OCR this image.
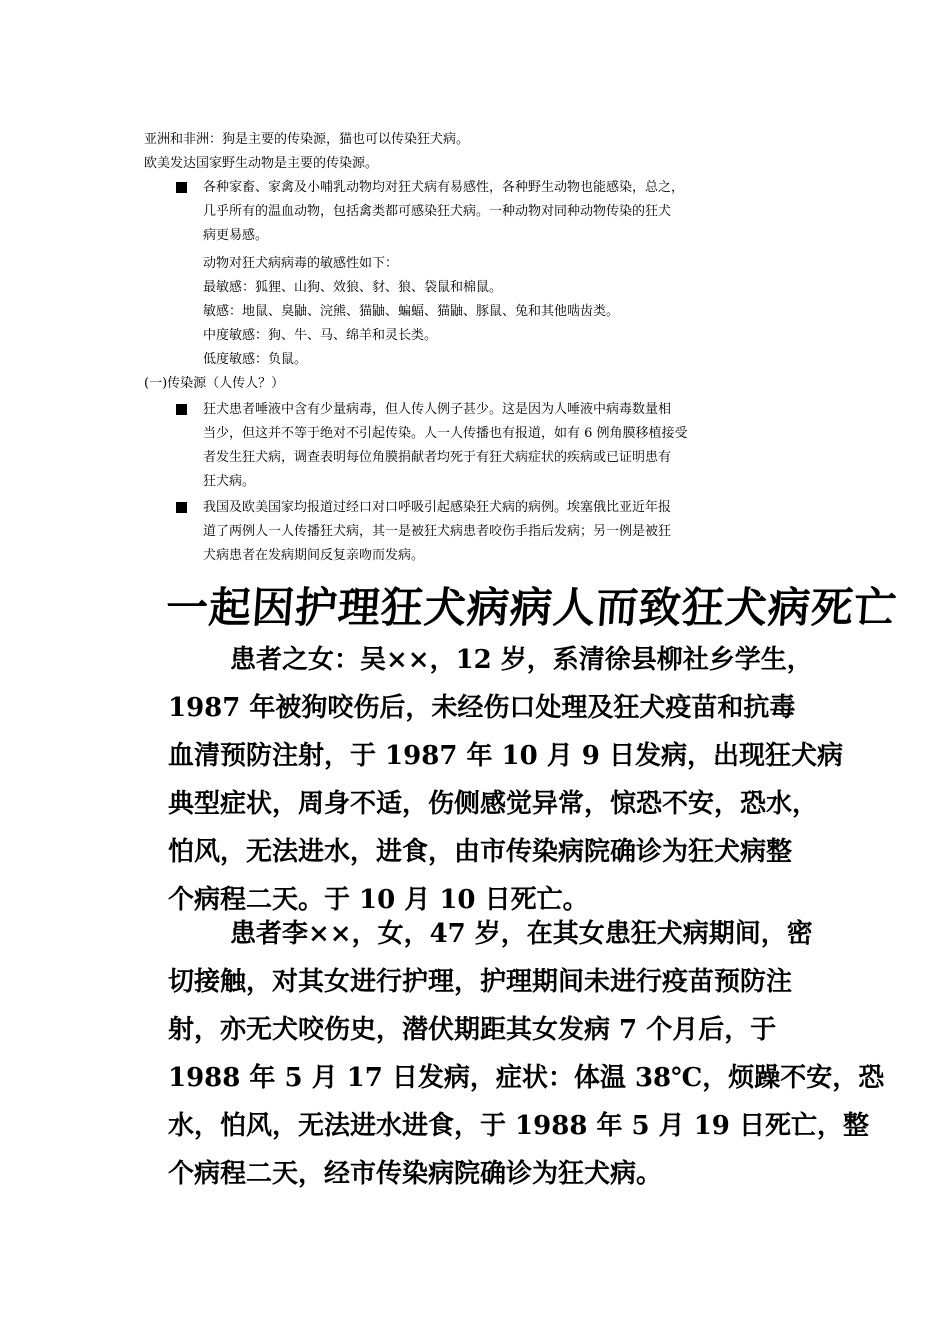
亚洲和非洲：狗是主要的传染源，猫也可以传染狂犬病。
欧美发达国家野生动物是主要的传染源。
各种家畜、家禽及小哺乳动物均对狂犬病有易感性，各种野生动物也能感染，总之，
几乎所有的温血动物，包括禽类都可感染狂犬病。一种动物对同种动物传染的狂犬
病更易感。
动物对狂犬病病毒的敏感性如下：
最敏感：狐狸、山狗、效狼、豺、狼、袋鼠和棉鼠。
敏感：地鼠、臭鼬、浣熊、猫鼬、蝙蝠、猫鼬、豚鼠、兔和其他啮齿类。
中度敏感：狗、牛、马、绵羊和灵长类。
低度敏感：负鼠。
(一)传染源（人传人？）
狂犬患者唾液中含有少量病毒，但人传人例子甚少。这是因为人唾液中病毒数量相
当少，但这并不等于绝对不引起传染。人一人传播也有报道，如有 6 例角膜移植接受
者发生狂犬病，调查表明每位角膜捐献者均死于有狂犬病症状的疾病或已证明患有
狂犬病。
我国及欧美国家均报道过经口对口呼吸引起感染狂犬病的病例。埃塞俄比亚近年报
道了两例人一人传播狂犬病，其一是被狂犬病患者咬伤手指后发病；另一例是被狂
犬病患者在发病期间反复亲吻而发病。
一起因护理狂犬病病人而致狂犬病死亡
患者之女：吴××，12 岁，系清徐县柳社乡学生，
1987 年被狗咬伤后，未经伤口处理及狂犬疫苗和抗毒
血清预防注射，于 1987 年 10 月 9 日发病，出现狂犬病
典型症状，周身不适，伤侧感觉异常，惊恐不安，恐水，
怕风，无法进水，进食，由市传染病院确诊为狂犬病整
个病程二天。于 10 月 10 日死亡。
患者李××，女，47 岁，在其女患狂犬病期间，密
切接触，对其女进行护理，护理期间未进行疫苗预防注
射，亦无犬咬伤史，潜伏期距其女发病 7 个月后，于
1988 年 5 月 17 日发病，症状：体温 38℃，烦躁不安，恐
水，怕风，无法进水进食，于 1988 年 5 月 19 日死亡，整
个病程二天，经市传染病院确诊为狂犬病。
